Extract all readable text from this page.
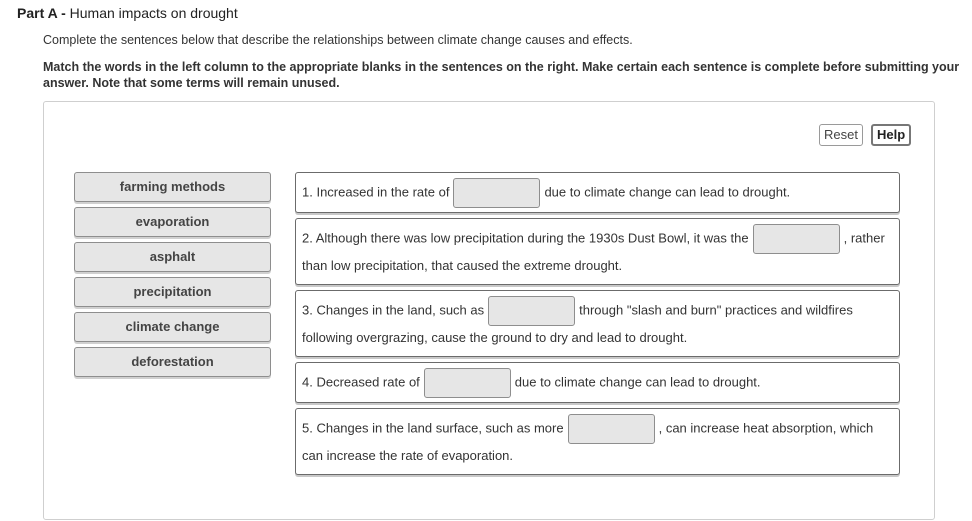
Part A - Human impacts on drought
Complete the sentences below that describe the relationships between climate change causes and effects.
Match the words in the left column to the appropriate blanks in the sentences on the right. Make certain each sentence is complete before submitting your answer. Note that some terms will remain unused.
Reset	Help
farming methods
evaporation
asphalt
precipitation
climate change
deforestation
1. Increased in the rate of	due to climate change can lead to drought.
2. Although there was low precipitation during the 1930s Dust Bowl, it was the	, rather
than low precipitation, that caused the extreme drought.
3. Changes in the land, such as	through "slash and burn" practices and wildfires
following overgrazing, cause the ground to dry and lead to drought.
4. Decreased rate of	due to climate change can lead to drought.
5. Changes in the land surface, such as more	, can increase heat absorption, which
can increase the rate of evaporation.
